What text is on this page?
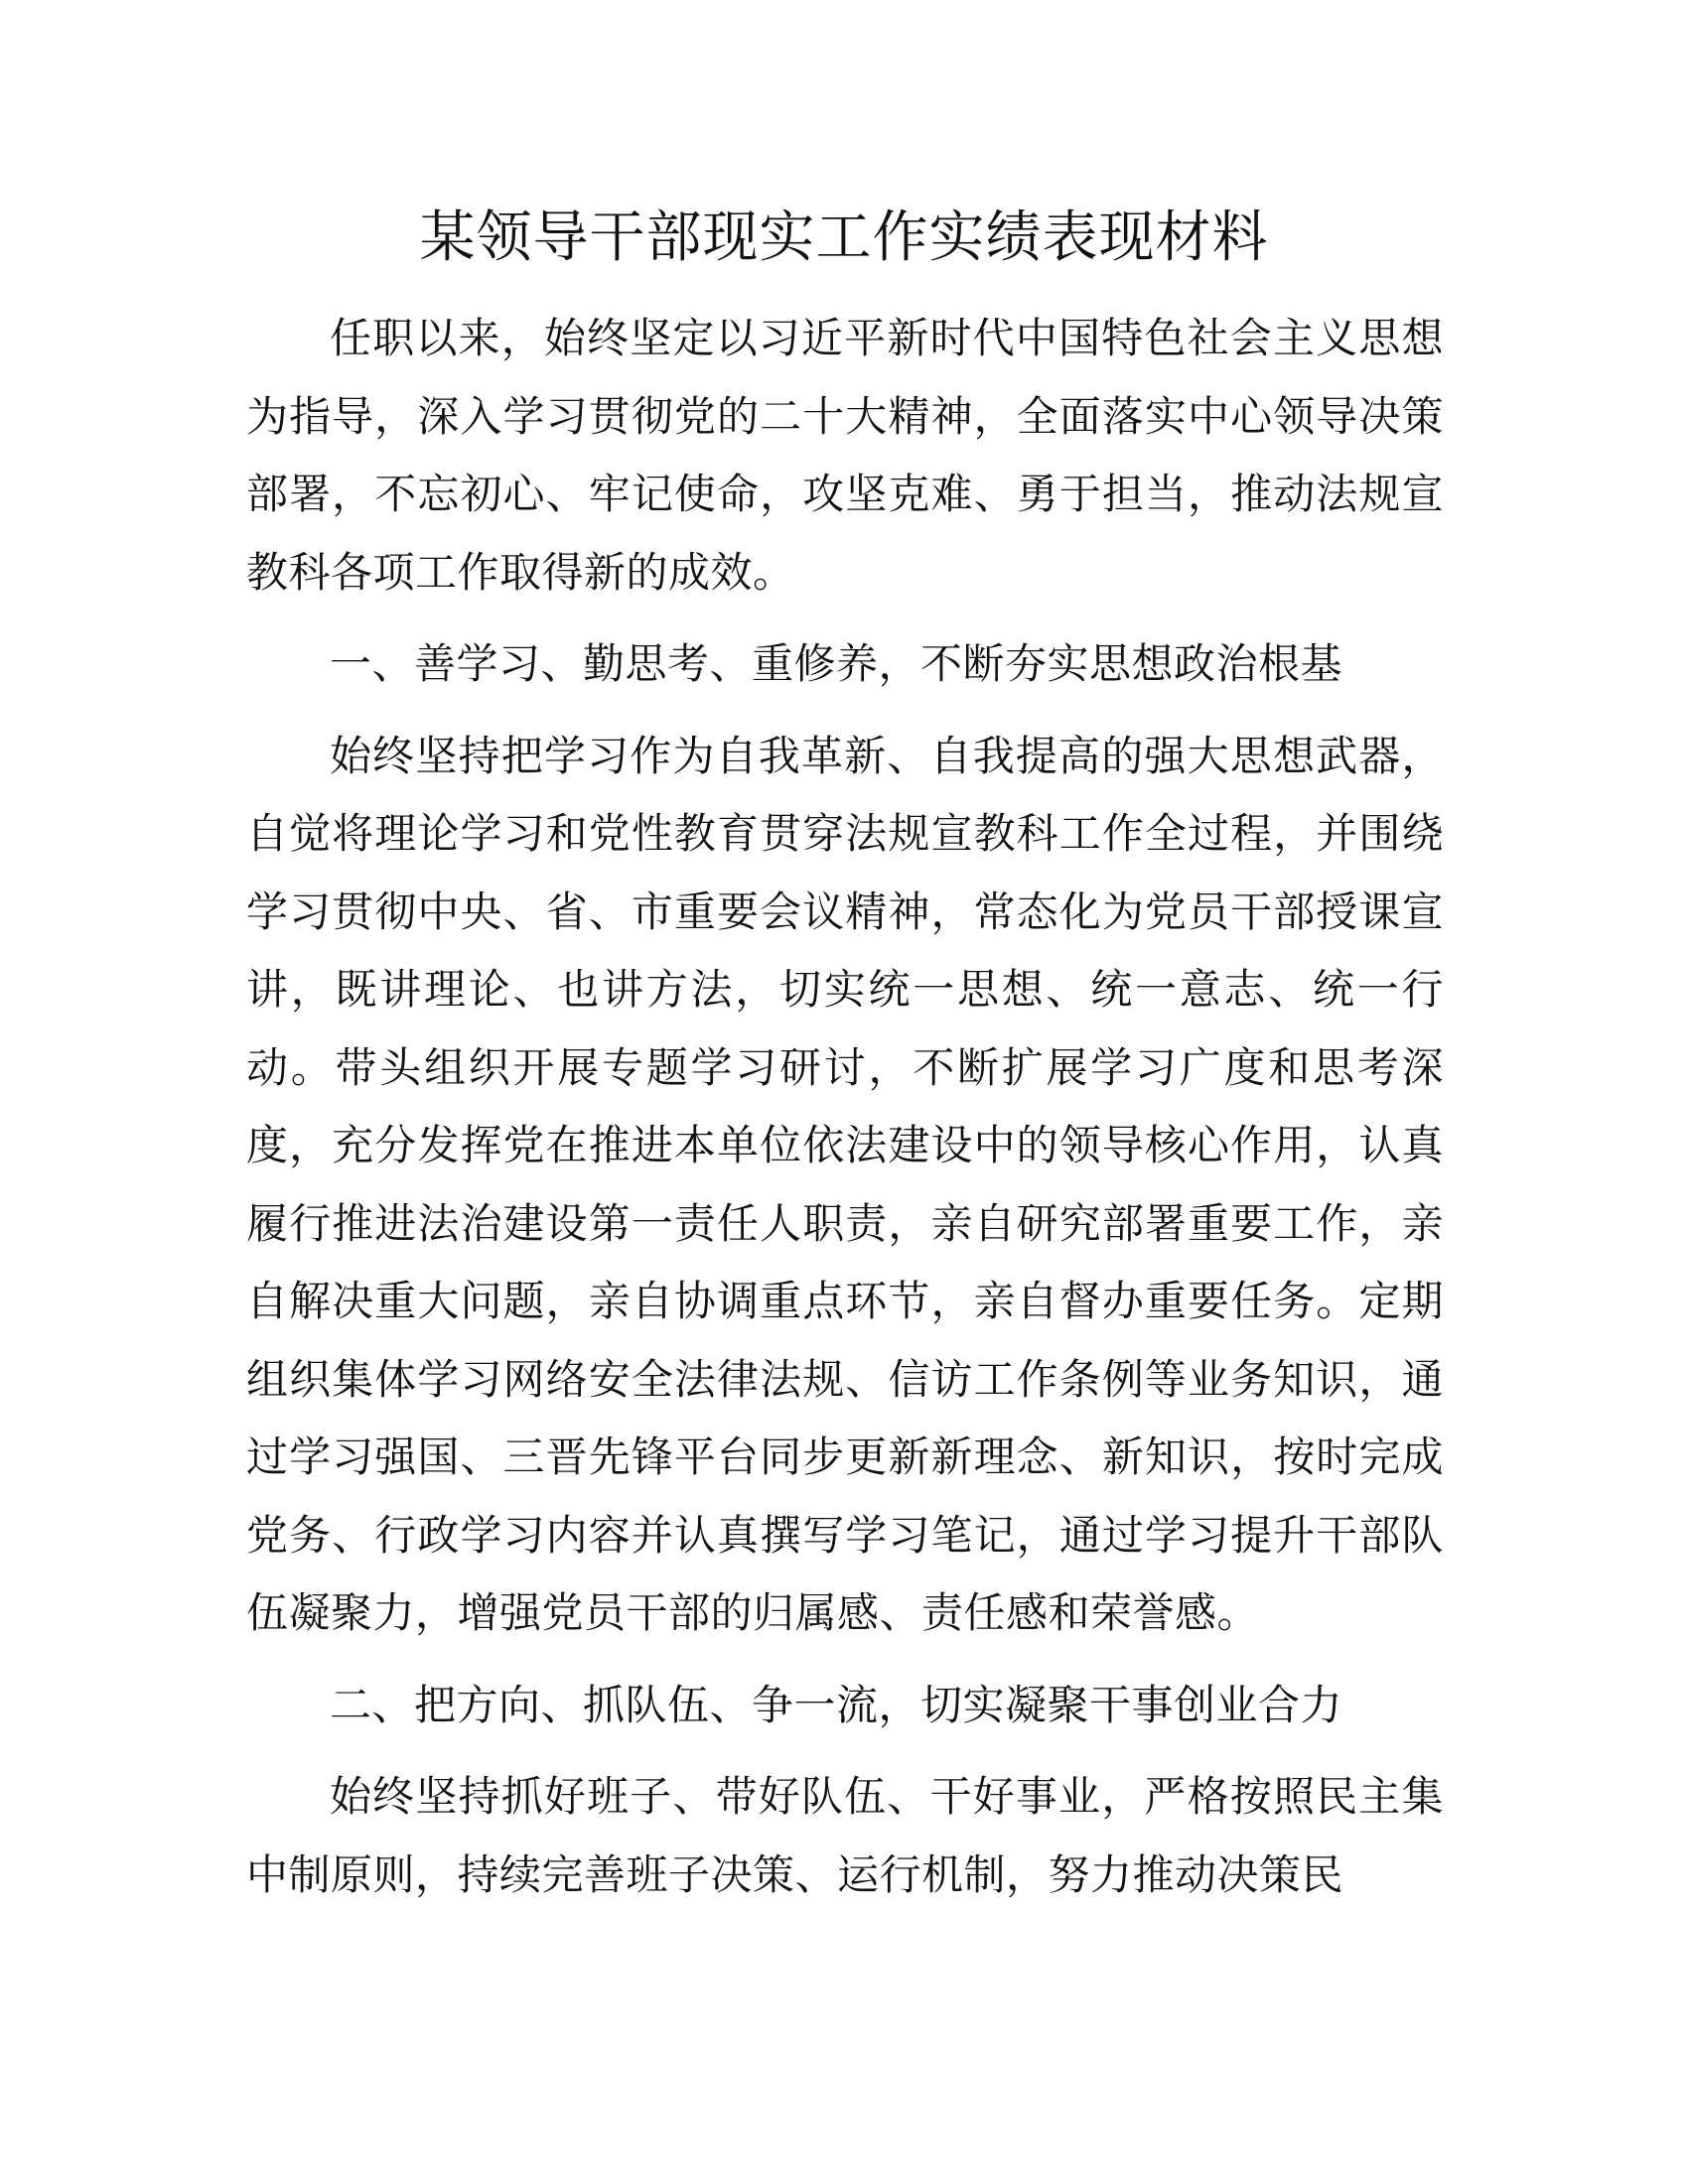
某领导干部现实工作实绩表现材料

任职以来，始终坚定以习近平新时代中国特色社会主义思想为指导，深入学习贯彻党的二十大精神，全面落实中心领导决策部署，不忘初心、牢记使命，攻坚克难、勇于担当，推动法规宣教科各项工作取得新的成效。

一、善学习、勤思考、重修养，不断夯实思想政治根基

始终坚持把学习作为自我革新、自我提高的强大思想武器，自觉将理论学习和党性教育贯穿法规宣教科工作全过程，并围绕学习贯彻中央、省、市重要会议精神，常态化为党员干部授课宣讲，既讲理论、也讲方法，切实统一思想、统一意志、统一行动。带头组织开展专题学习研讨，不断扩展学习广度和思考深度，充分发挥党在推进本单位依法建设中的领导核心作用，认真履行推进法治建设第一责任人职责，亲自研究部署重要工作，亲自解决重大问题，亲自协调重点环节，亲自督办重要任务。定期组织集体学习网络安全法律法规、信访工作条例等业务知识，通过学习强国、三晋先锋平台同步更新新理念、新知识，按时完成党务、行政学习内容并认真撰写学习笔记，通过学习提升干部队伍凝聚力，增强党员干部的归属感、责任感和荣誉感。

二、把方向、抓队伍、争一流，切实凝聚干事创业合力

始终坚持抓好班子、带好队伍、干好事业，严格按照民主集中制原则，持续完善班子决策、运行机制，努力推动决策民
